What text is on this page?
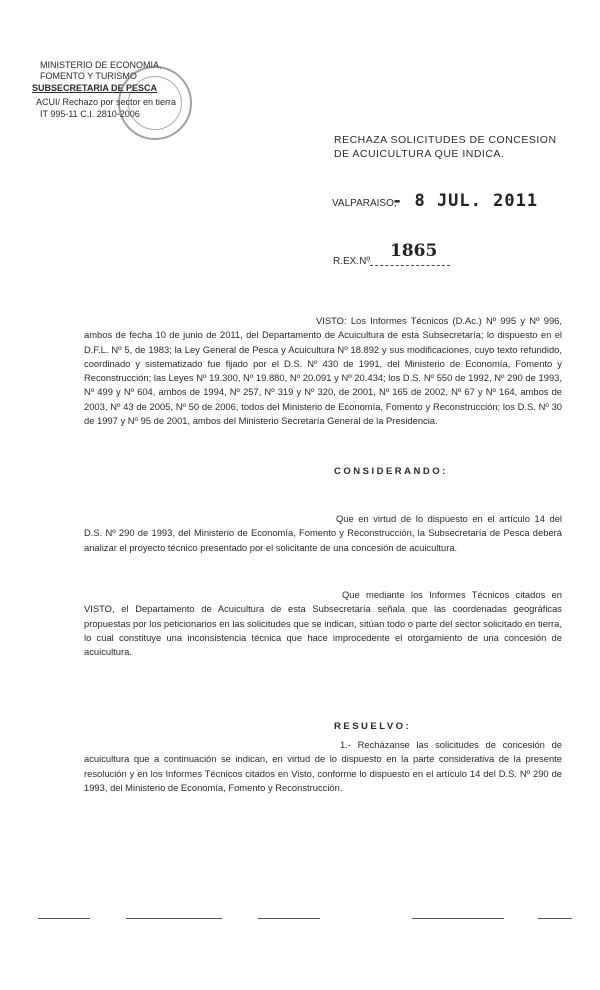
MINISTERIO DE ECONOMIA,
FOMENTO Y TURISMO
SUBSECRETARIA DE PESCA
ACUI/ Rechazo por sector en tierra
IT 995-11 C.I. 2810-2006
RECHAZA SOLICITUDES DE CONCESION DE ACUICULTURA QUE INDICA.
VALPARAISO,
- 8 JUL. 2011
R.EX.Nº
1865
VISTO: Los Informes Técnicos (D.Ac.) Nº 995 y Nº 996, ambos de fecha 10 de junio de 2011, del Departamento de Acuicultura de esta Subsecretaría; lo dispuesto en el D.F.L. Nº 5, de 1983; la Ley General de Pesca y Acuicultura Nº 18.892 y sus modificaciones, cuyo texto refundido, coordinado y sistematizado fue fijado por el D.S. Nº 430 de 1991, del Ministerio de Economía, Fomento y Reconstrucción; las Leyes Nº 19.300, Nº 19.880, Nº 20.091 y Nº 20.434; los D.S. Nº 550 de 1992, Nº 290 de 1993, Nº 499 y Nº 604, ambos de 1994, Nº 257, Nº 319 y Nº 320, de 2001, Nº 165 de 2002, Nº 67 y Nº 164, ambos de 2003, Nº 43 de 2005, Nº 50 de 2006, todos del Ministerio de Economía, Fomento y Reconstrucción; los D.S. Nº 30 de 1997 y Nº 95 de 2001, ambos del Ministerio Secretaría General de la Presidencia.
CONSIDERANDO:
Que en virtud de lo dispuesto en el artículo 14 del D.S. Nº 290 de 1993, del Ministerio de Economía, Fomento y Reconstrucción, la Subsecretaría de Pesca deberá analizar el proyecto técnico presentado por el solicitante de una concesión de acuicultura.
Que mediante los Informes Técnicos citados en VISTO, el Departamento de Acuicultura de esta Subsecretaría señala que las coordenadas geográficas propuestas por los peticionarios en las solicitudes que se indican, sitúan todo o parte del sector solicitado en tierra, lo cual constituye una inconsistencia técnica que hace improcedente el otorgamiento de una concesión de acuicultura.
RESUELVO:
1.- Recházanse las solicitudes de concesión de acuicultura que a continuación se indican, en virtud de lo dispuesto en la parte considerativa de la presente resolución y en los Informes Técnicos citados en Visto, conforme lo dispuesto en el artículo 14 del D.S. Nº 290 de 1993, del Ministerio de Economía, Fomento y Reconstrucción.
